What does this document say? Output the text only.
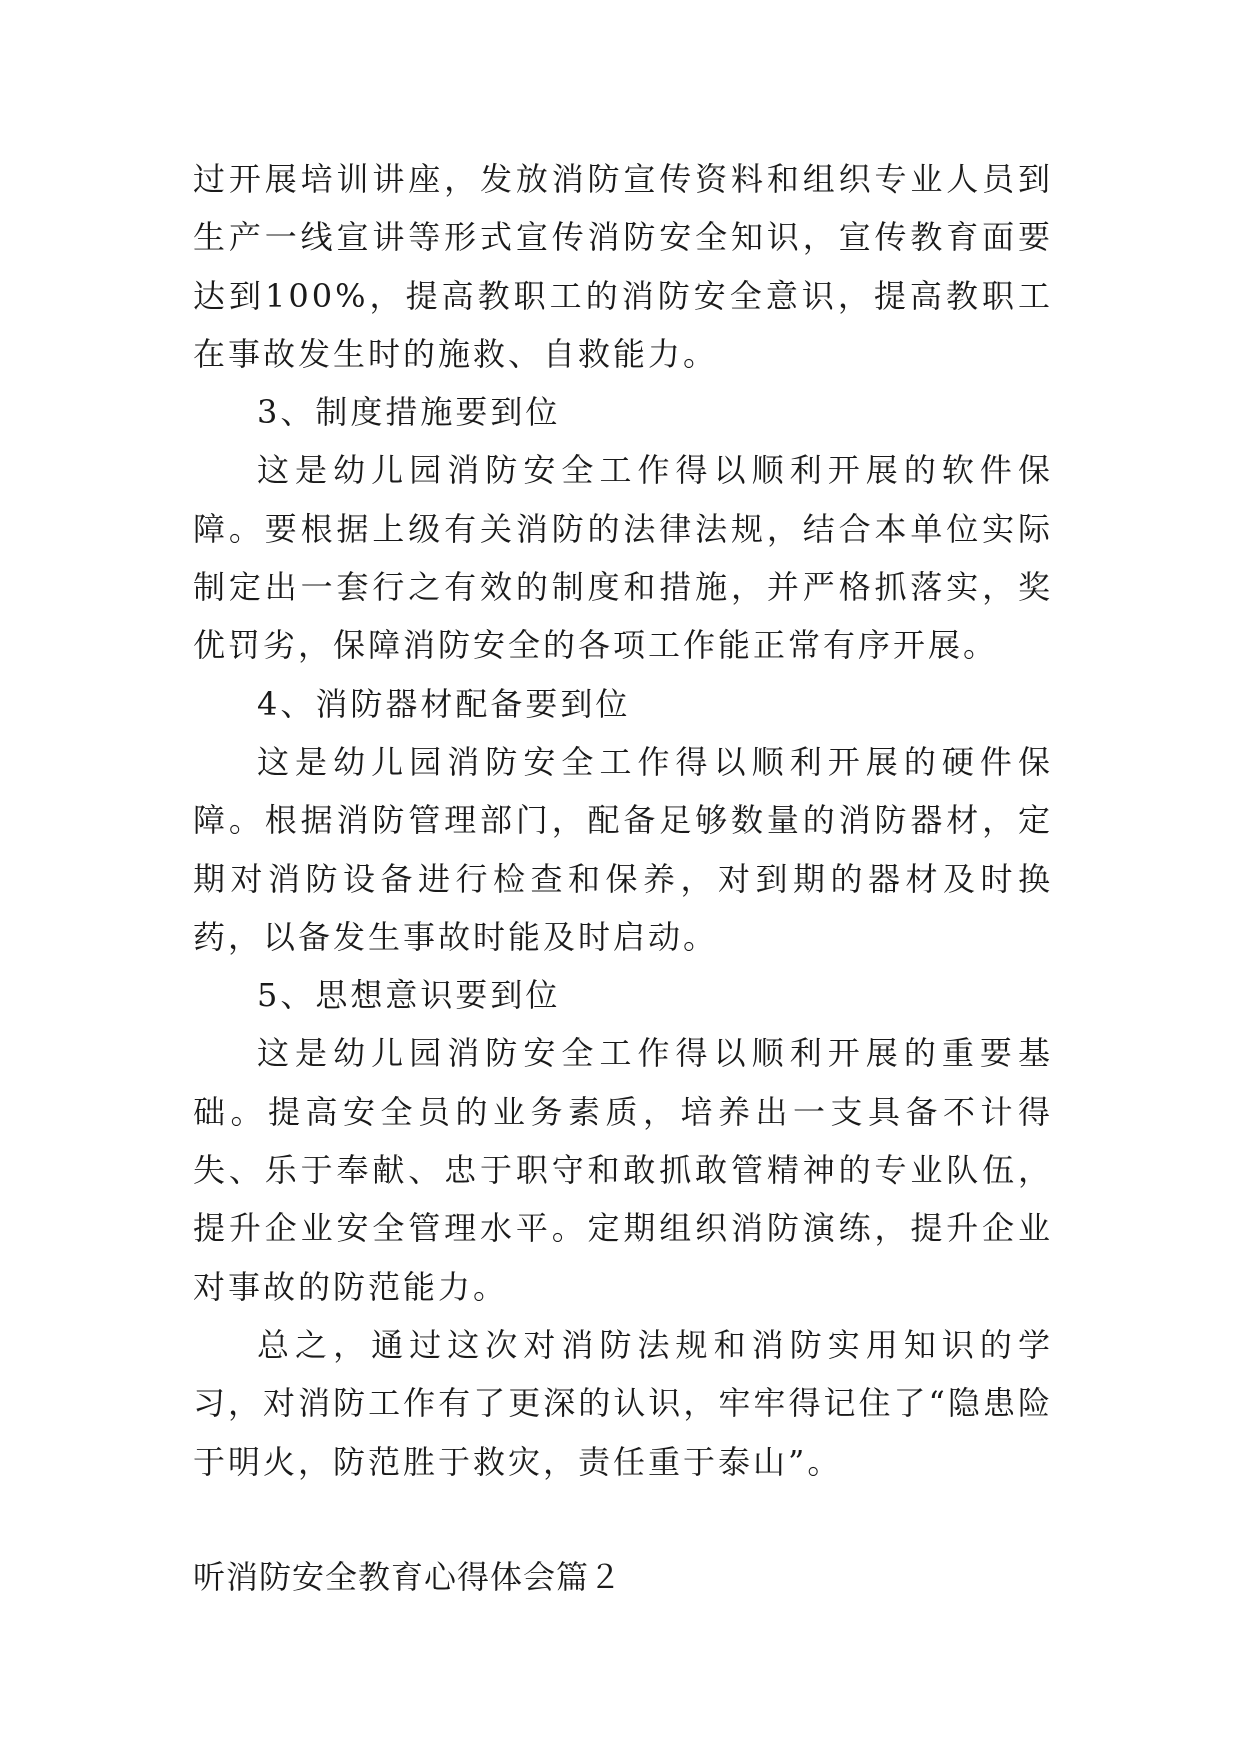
过开展培训讲座，发放消防宣传资料和组织专业人员到生产一线宣讲等形式宣传消防安全知识，宣传教育面要达到100%，提高教职工的消防安全意识，提高教职工在事故发生时的施救、自救能力。

3、制度措施要到位

这是幼儿园消防安全工作得以顺利开展的软件保障。要根据上级有关消防的法律法规，结合本单位实际制定出一套行之有效的制度和措施，并严格抓落实，奖优罚劣，保障消防安全的各项工作能正常有序开展。

4、消防器材配备要到位

这是幼儿园消防安全工作得以顺利开展的硬件保障。根据消防管理部门，配备足够数量的消防器材，定期对消防设备进行检查和保养，对到期的器材及时换药，以备发生事故时能及时启动。

5、思想意识要到位

这是幼儿园消防安全工作得以顺利开展的重要基础。提高安全员的业务素质，培养出一支具备不计得失、乐于奉献、忠于职守和敢抓敢管精神的专业队伍，提升企业安全管理水平。定期组织消防演练，提升企业对事故的防范能力。

总之，通过这次对消防法规和消防实用知识的学习，对消防工作有了更深的认识，牢牢得记住了“隐患险于明火，防范胜于救灾，责任重于泰山”。

听消防安全教育心得体会篇２
